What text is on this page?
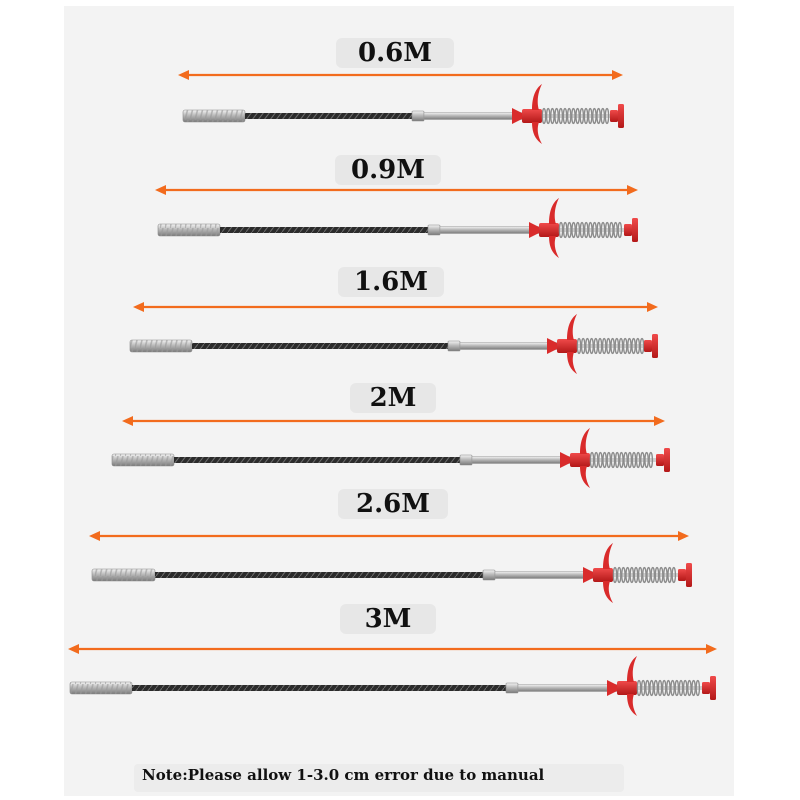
0.6M
0.9M
1.6M
2M
2.6M
3M
Note:Please allow 1-3.0 cm error due to manual
